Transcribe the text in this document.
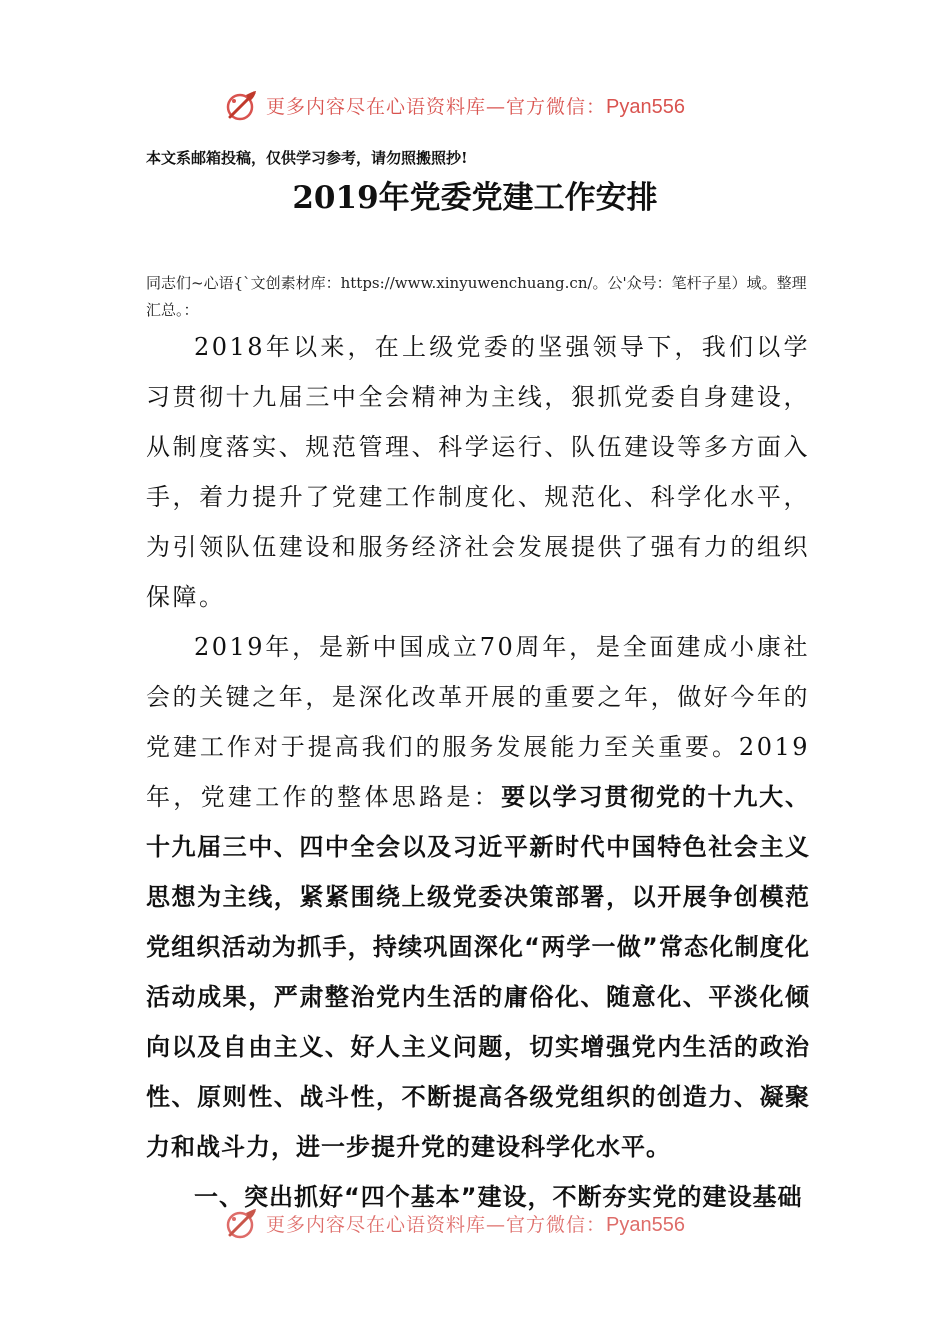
更多内容尽在心语资料库—官方微信：Pyan556
本文系邮箱投稿，仅供学习参考，请勿照搬照抄!
2019年党委党建工作安排
同志们~心语{`文创素材库：https://www.xinyuwenchuang.cn/。公'众号：笔杆子星）域。整理汇总。：

2018年以来，在上级党委的坚强领导下，我们以学习贯彻十九届三中全会精神为主线，狠抓党委自身建设，从制度落实、规范管理、科学运行、队伍建设等多方面入手，着力提升了党建工作制度化、规范化、科学化水平，为引领队伍建设和服务经济社会发展提供了强有力的组织保障。

2019年，是新中国成立70周年，是全面建成小康社会的关键之年，是深化改革开展的重要之年，做好今年的党建工作对于提高我们的服务发展能力至关重要。2019年，党建工作的整体思路是：要以学习贯彻党的十九大、十九届三中、四中全会以及习近平新时代中国特色社会主义思想为主线，紧紧围绕上级党委决策部署，以开展争创模范党组织活动为抓手，持续巩固深化“两学一做”常态化制度化活动成果，严肃整治党内生活的庸俗化、随意化、平淡化倾向以及自由主义、好人主义问题，切实增强党内生活的政治性、原则性、战斗性，不断提高各级党组织的创造力、凝聚力和战斗力，进一步提升党的建设科学化水平。

一、突出抓好“四个基本”建设，不断夯实党的建设基础

更多内容尽在心语资料库—官方微信：Pyan556
